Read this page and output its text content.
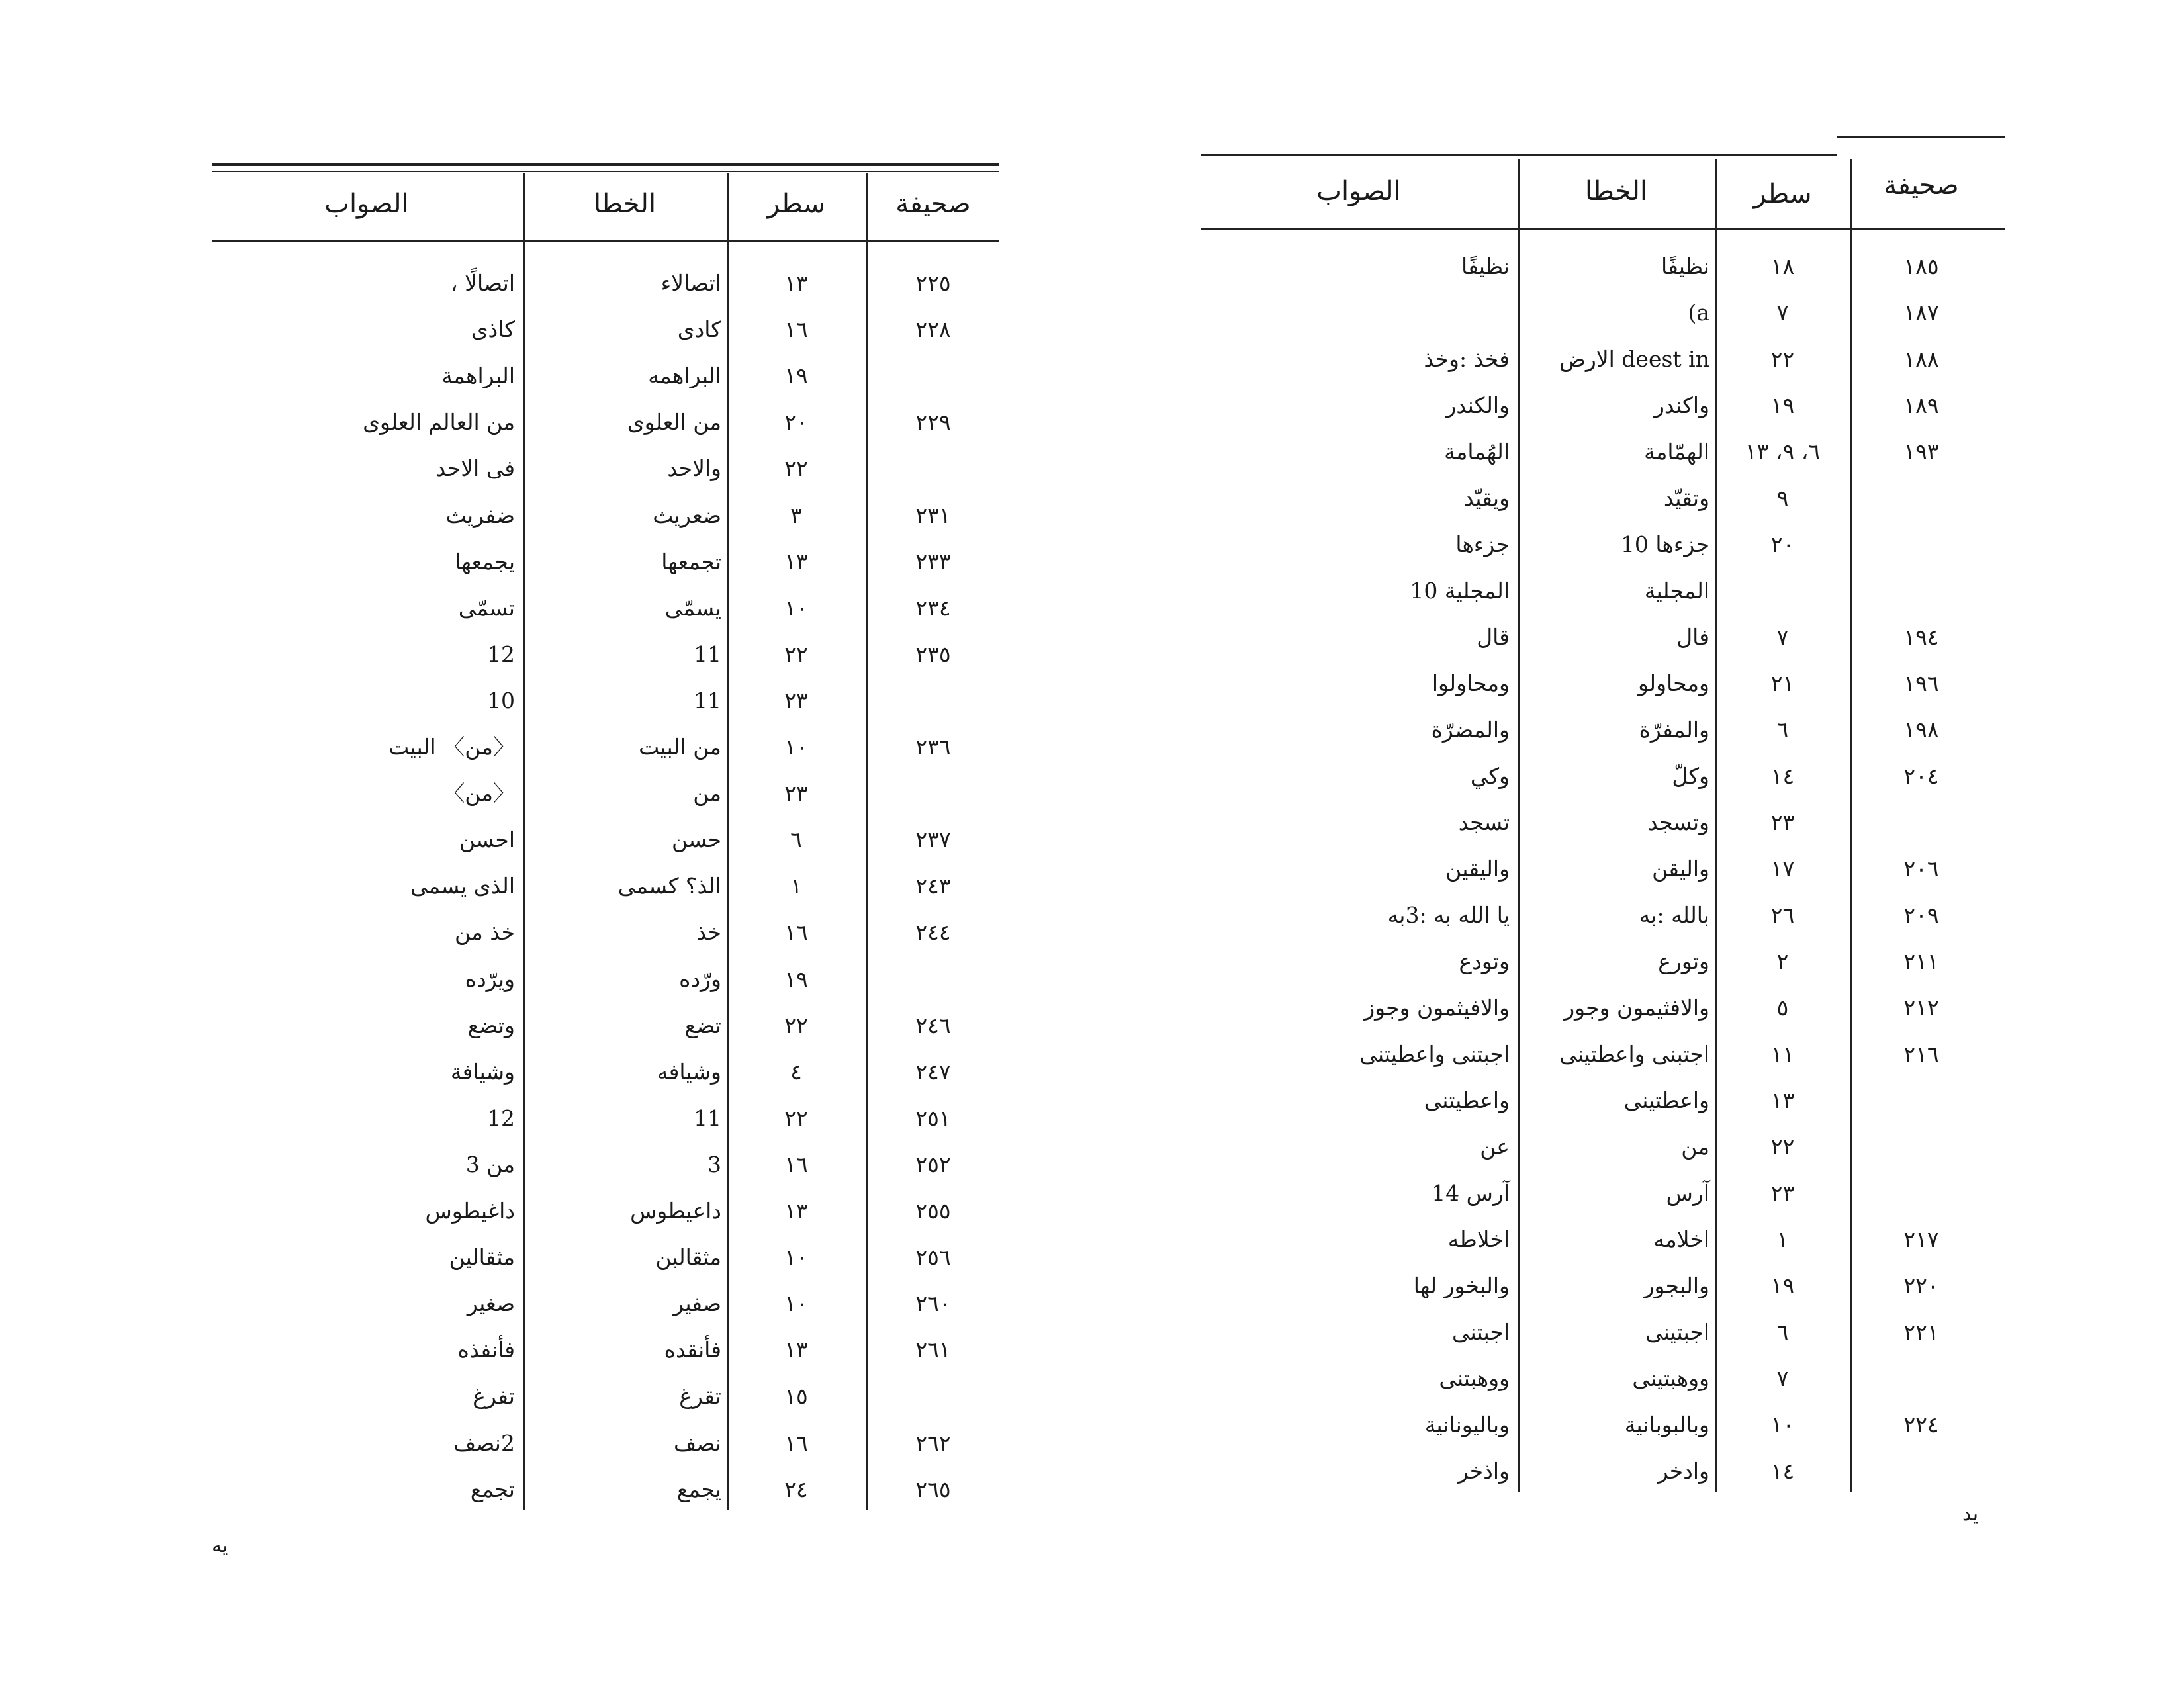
صحيفة
سطر
الخطا
الصواب
٢٢٥
١٣
اتصالاء
اتصالًا ،
٢٢٨
١٦
كادى
كاذى
١٩
البراهمه
البراهمة
٢٢٩
٢٠
من العلوى
من العالم العلوى
٢٢
والاحد
فى الاحد
٢٣١
٣
ضعريث
ضفريث
٢٣٣
١٣
تجمعها
يجمعها
٢٣٤
١٠
يسمّى
تسمّى
٢٣٥
٢٢
11
12
٢٣
11
10
٢٣٦
١٠
من البيت
〈من〉 البيت
٢٣
من
〈من〉
٢٣٧
٦
حسن
احسن
٢٤٣
١
الذ؟ كسمى
الذى يسمى
٢٤٤
١٦
خذ
خذ من
١٩
ورّده
ويرّده
٢٤٦
٢٢
تضع
وتضع
٢٤٧
٤
وشيافه
وشيافة
٢٥١
٢٢
11
12
٢٥٢
١٦
3
من 3
٢٥٥
١٣
داعيطوس
داغيطوس
٢٥٦
١٠
مثقالبن
مثقالين
٢٦٠
١٠
صفير
صغير
٢٦١
١٣
فأنقده
فأنفذه
١٥
تقرغ
تفرغ
٢٦٢
١٦
نصف
2نصف
٢٦٥
٢٤
يجمع
تجمع
يه
صحيفة
سطر
الخطا
الصواب
١٨٥
١٨
نظيفًا
نظيفًا
١٨٧
٧
a)
١٨٨
٢٢
deest in الارض
فخذ :وخذ
١٨٩
١٩
واكندر
والكندر
١٩٣
٦، ٩، ١٣
الهمّامة
الهُمامة
٩
وتقيّد
ويقيّد
٢٠
جزءها 10
جزءها
المجلية
المجلية 10
١٩٤
٧
فال
قال
١٩٦
٢١
ومحاولو
ومحاولوا
١٩٨
٦
والمفرّة
والمضرّة
٢٠٤
١٤
وكلّ
وكي
٢٣
وتسجد
تسجد
٢٠٦
١٧
واليقن
واليقين
٢٠٩
٢٦
بالله :به
يا الله به :3به
٢١١
٢
وتورع
وتودع
٢١٢
٥
والافثيمون وجور
والافيثمون وجوز
٢١٦
١١
اجتبنى واعطتينى
اجبتنى واعطيتنى
١٣
واعطتينى
واعطيتنى
٢٢
من
عن
٢٣
آرس
آرس 14
٢١٧
١
اخلامه
اخلاطه
٢٢٠
١٩
والبجور
والبخور لها
٢٢١
٦
اجبتينى
اجبتنى
٧
ووهبتينى
ووهبتنى
٢٢٤
١٠
وبالبوبانية
وباليونانية
١٤
وادخر
واذخر
يد
